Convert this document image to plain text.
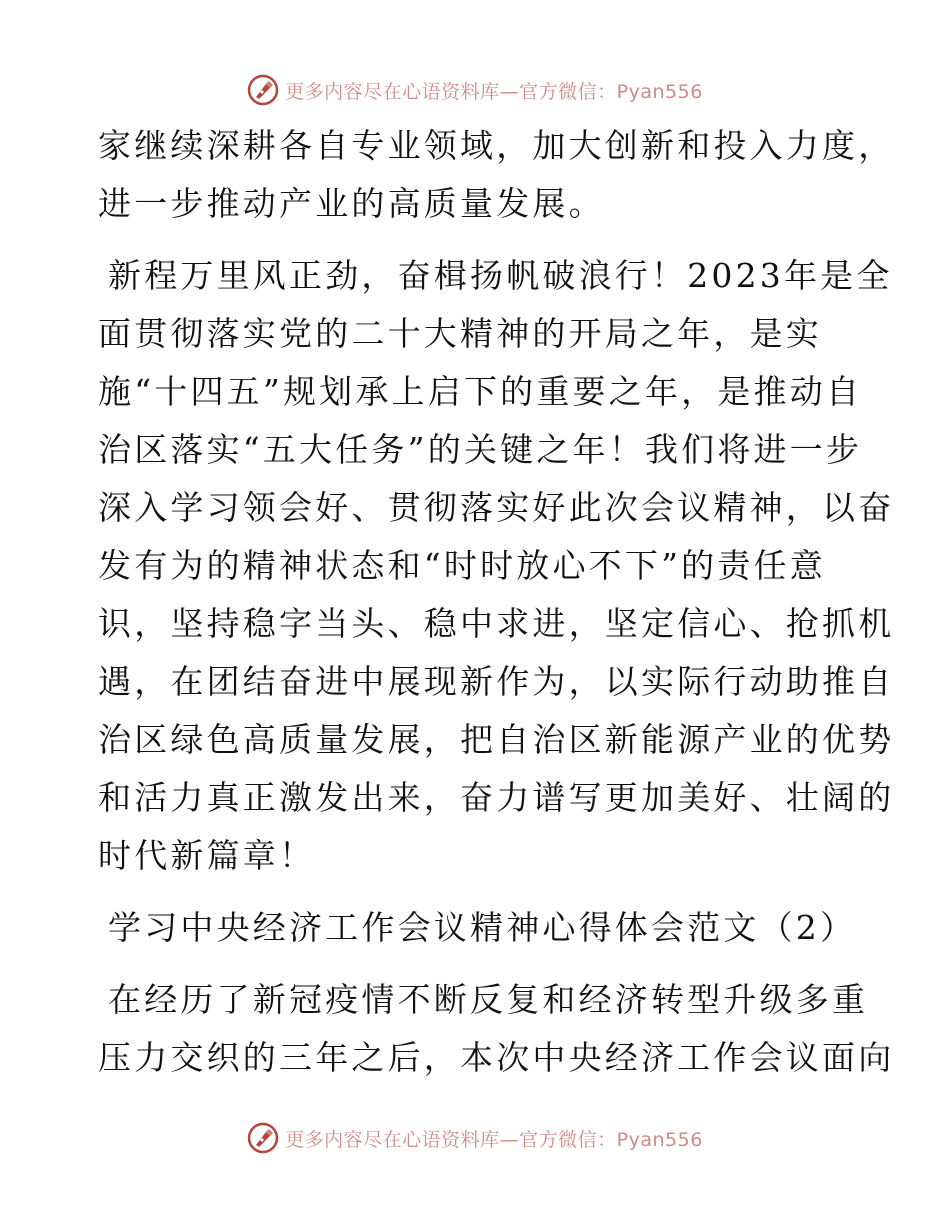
更多内容尽在心语资料库—官方微信：Pyan556

家继续深耕各自专业领域，加大创新和投入力度，
进一步推动产业的高质量发展。

新程万里风正劲，奋楫扬帆破浪行！2023年是全
面贯彻落实党的二十大精神的开局之年，是实
施“十四五”规划承上启下的重要之年，是推动自
治区落实“五大任务”的关键之年！我们将进一步
深入学习领会好、贯彻落实好此次会议精神，以奋
发有为的精神状态和“时时放心不下”的责任意
识，坚持稳字当头、稳中求进，坚定信心、抢抓机
遇，在团结奋进中展现新作为，以实际行动助推自
治区绿色高质量发展，把自治区新能源产业的优势
和活力真正激发出来，奋力谱写更加美好、壮阔的
时代新篇章！

学习中央经济工作会议精神心得体会范文（2）

在经历了新冠疫情不断反复和经济转型升级多重
压力交织的三年之后，本次中央经济工作会议面向

更多内容尽在心语资料库—官方微信：Pyan556
